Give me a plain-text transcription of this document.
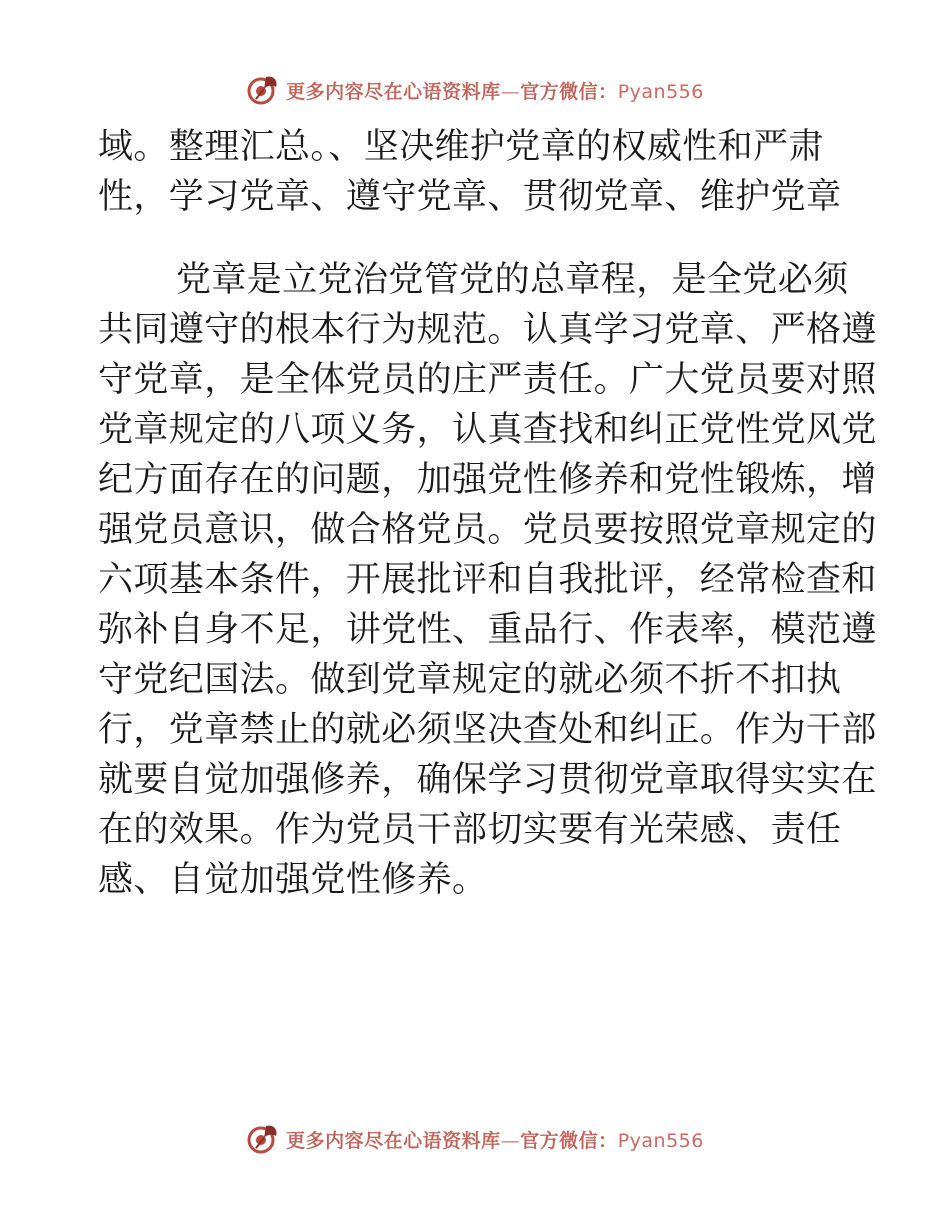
更多内容尽在心语资料库—官方微信：Pyan556
域。整理汇总。、坚决维护党章的权威性和严肃
性，学习党章、遵守党章、贯彻党章、维护党章
党章是立党治党管党的总章程，是全党必须
共同遵守的根本行为规范。认真学习党章、严格遵
守党章，是全体党员的庄严责任。广大党员要对照
党章规定的八项义务，认真查找和纠正党性党风党
纪方面存在的问题，加强党性修养和党性锻炼，增
强党员意识，做合格党员。党员要按照党章规定的
六项基本条件，开展批评和自我批评，经常检查和
弥补自身不足，讲党性、重品行、作表率，模范遵
守党纪国法。做到党章规定的就必须不折不扣执
行，党章禁止的就必须坚决查处和纠正。作为干部
就要自觉加强修养，确保学习贯彻党章取得实实在
在的效果。作为党员干部切实要有光荣感、责任
感、自觉加强党性修养。
更多内容尽在心语资料库—官方微信：Pyan556
